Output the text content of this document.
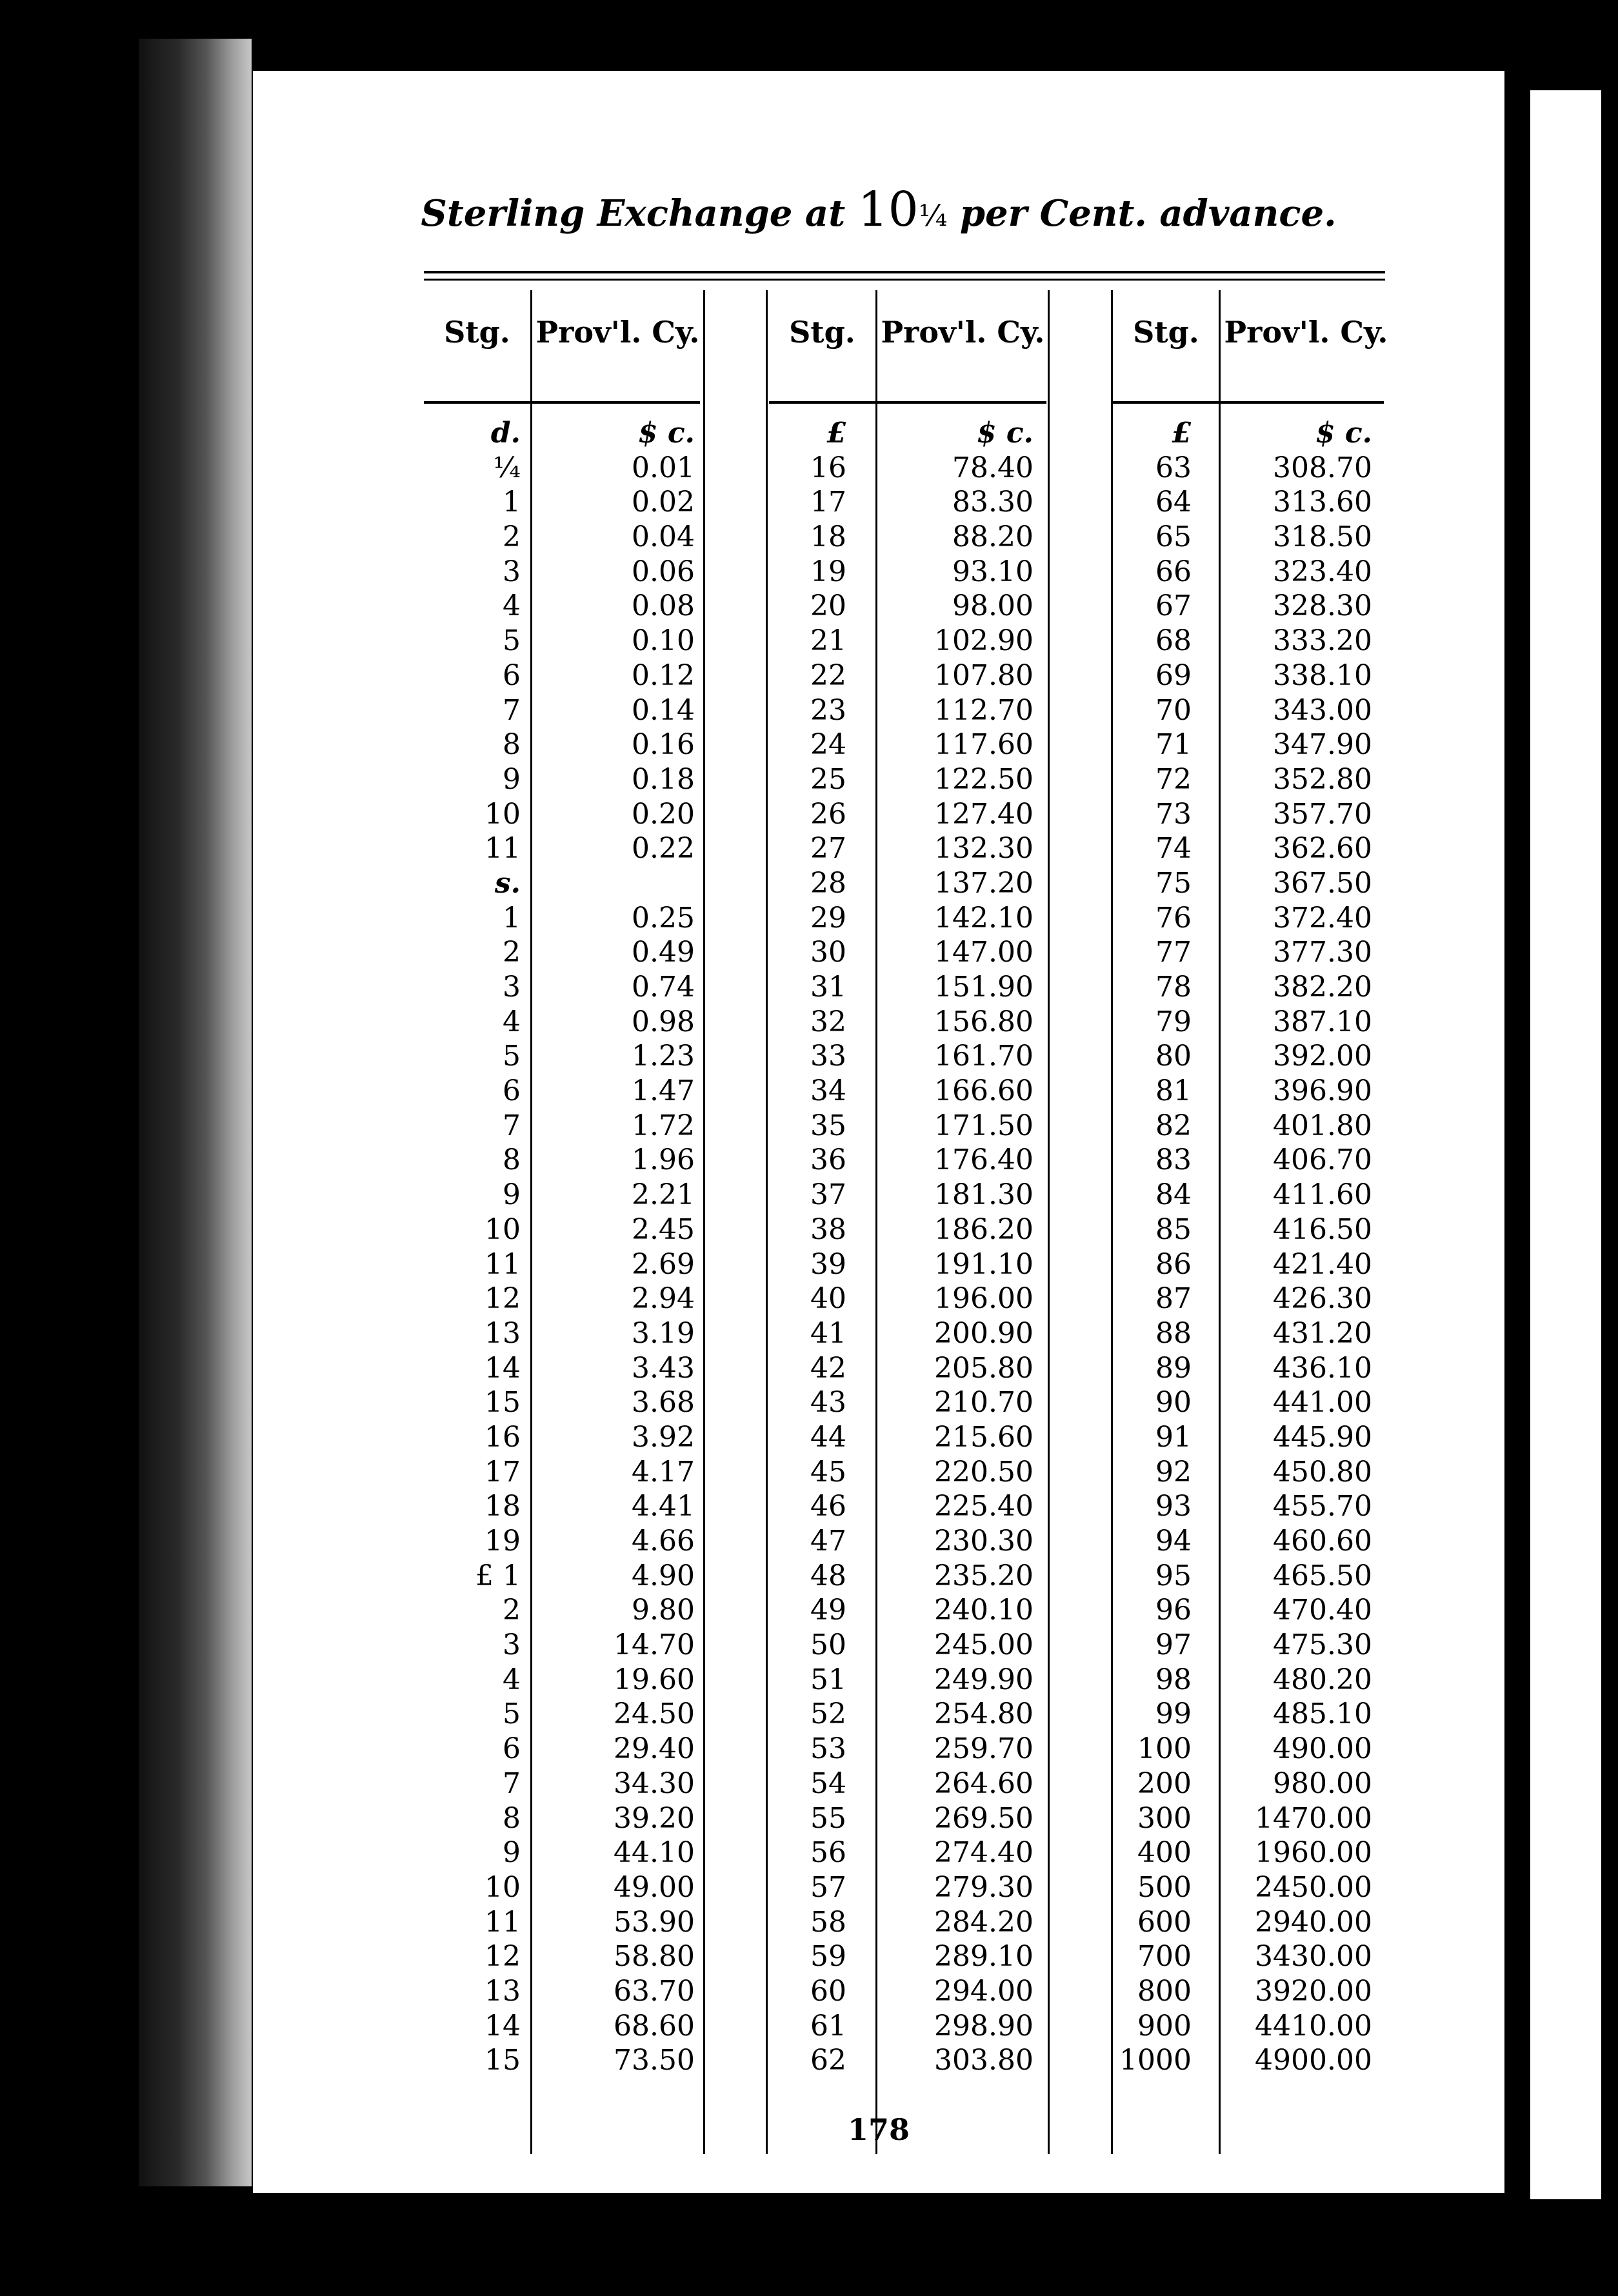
Sterling Exchange at 10¼ per Cent. advance.
Stg. Prov'l. Cy.	Stg. Prov'l. Cy.	Stg. Prov'l. Cy.
d.
¼
1
2
3
4
5
6
7
8
9
10
11
s.
1
2
3
4
5
6
7
8
9
10
11
12
13
14
15
16
17
18
19
£ 1
2
3
4
5
6
7
8
9
10
11
12
13
14
15
$ c.
0.01
0.02
0.04
0.06
0.08
0.10
0.12
0.14
0.16
0.18
0.20
0.22
0.25
0.49
0.74
0.98
1.23
1.47
1.72
1.96
2.21
2.45
2.69
2.94
3.19
3.43
3.68
3.92
4.17
4.41
4.66
4.90
9.80
14.70
19.60
24.50
29.40
34.30
39.20
44.10
49.00
53.90
58.80
63.70
68.60
73.50
£
16
17
18
19
20
21
22
23
24
25
26
27
28
29
30
31
32
33
34
35
36
37
38
39
40
41
42
43
44
45
46
47
48
49
50
51
52
53
54
55
56
57
58
59
60
61
62
$ c.
78.40
83.30
88.20
93.10
98.00
102.90
107.80
112.70
117.60
122.50
127.40
132.30
137.20
142.10
147.00
151.90
156.80
161.70
166.60
171.50
176.40
181.30
186.20
191.10
196.00
200.90
205.80
210.70
215.60
220.50
225.40
230.30
235.20
240.10
245.00
249.90
254.80
259.70
264.60
269.50
274.40
279.30
284.20
289.10
294.00
298.90
303.80
£
63
64
65
66
67
68
69
70
71
72
73
74
75
76
77
78
79
80
81
82
83
84
85
86
87
88
89
90
91
92
93
94
95
96
97
98
99
100
200
300
400
500
600
700
800
900
1000
$ c.
308.70
313.60
318.50
323.40
328.30
333.20
338.10
343.00
347.90
352.80
357.70
362.60
367.50
372.40
377.30
382.20
387.10
392.00
396.90
401.80
406.70
411.60
416.50
421.40
426.30
431.20
436.10
441.00
445.90
450.80
455.70
460.60
465.50
470.40
475.30
480.20
485.10
490.00
980.00
1470.00
1960.00
2450.00
2940.00
3430.00
3920.00
4410.00
4900.00
178
